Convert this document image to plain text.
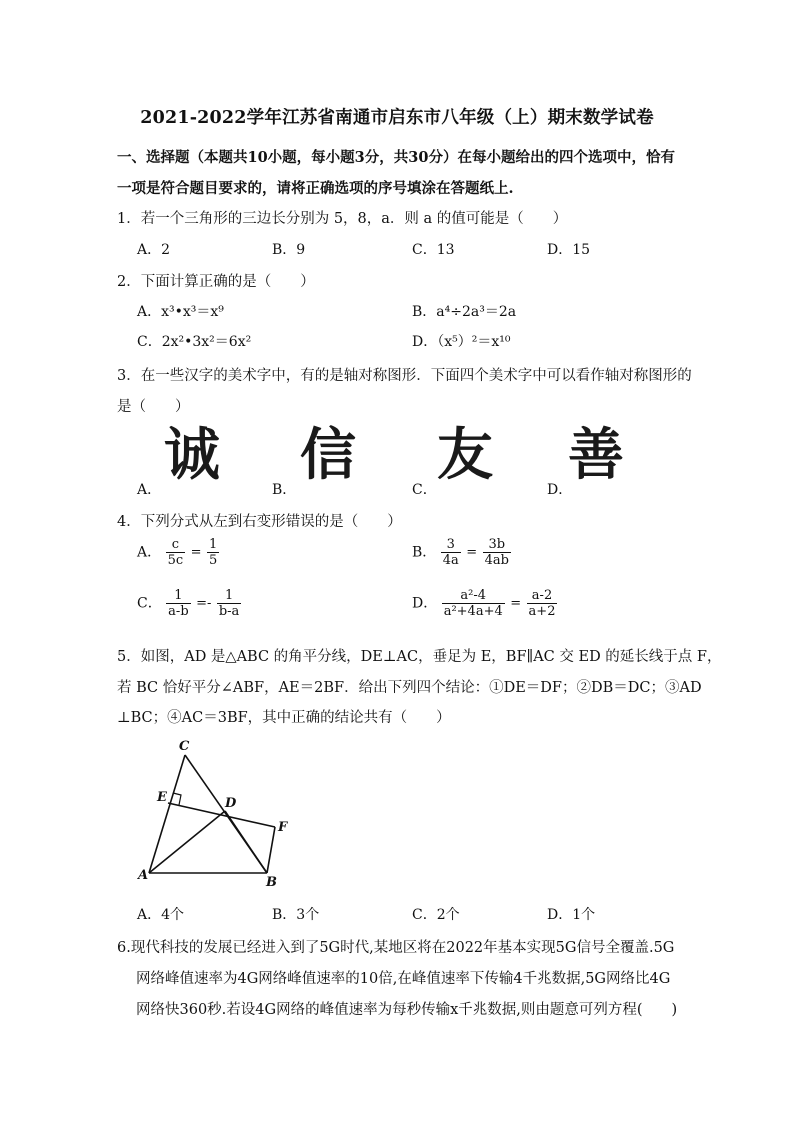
2021-2022学年江苏省南通市启东市八年级（上）期末数学试卷
一、选择题（本题共10小题，每小题3分，共30分）在每小题给出的四个选项中，恰有
一项是符合题目要求的，请将正确选项的序号填涂在答题纸上.
1．若一个三角形的三边长分别为 5，8，a．则 a 的值可能是（　　）
A．2	B．9	C．13	D．15
2．下面计算正确的是（　　）
A．x³•x³＝x⁹	B．a⁴÷2a³＝2a
C．2x²•3x²＝6x²	D．（x⁵）²＝x¹⁰
3．在一些汉字的美术字中，有的是轴对称图形．下面四个美术字中可以看作轴对称图形的
是（　　）
诚 信 友 善
A．	B．	C．	D．
4．下列分式从左到右变形错误的是（　　）
A． $\frac{c}{5c} = \frac{1}{5}$	B． $\frac{3}{4a} = \frac{3b}{4ab}$
C． $\frac{1}{a-b} =- \frac{1}{b-a}$	D． $\frac{\text{a²-4}}{\text{a²+4a+4}} = \frac{a-2}{a+2}$
5．如图，AD 是△ABC 的角平分线，DE⊥AC，垂足为 E，BF∥AC 交 ED 的延长线于点 F，
若 BC 恰好平分∠ABF，AE＝2BF．给出下列四个结论：①DE＝DF；②DB＝DC；③AD
⊥BC；④AC＝3BF，其中正确的结论共有（　　）
C
E	D
F
A	B
A．4个	B．3个	C．2个	D．1个
6.现代科技的发展已经进入到了5G时代,某地区将在2022年基本实现5G信号全覆盖.5G
网络峰值速率为4G网络峰值速率的10倍,在峰值速率下传输4千兆数据,5G网络比4G
网络快360秒.若设4G网络的峰值速率为每秒传输x千兆数据,则由题意可列方程(　　)
